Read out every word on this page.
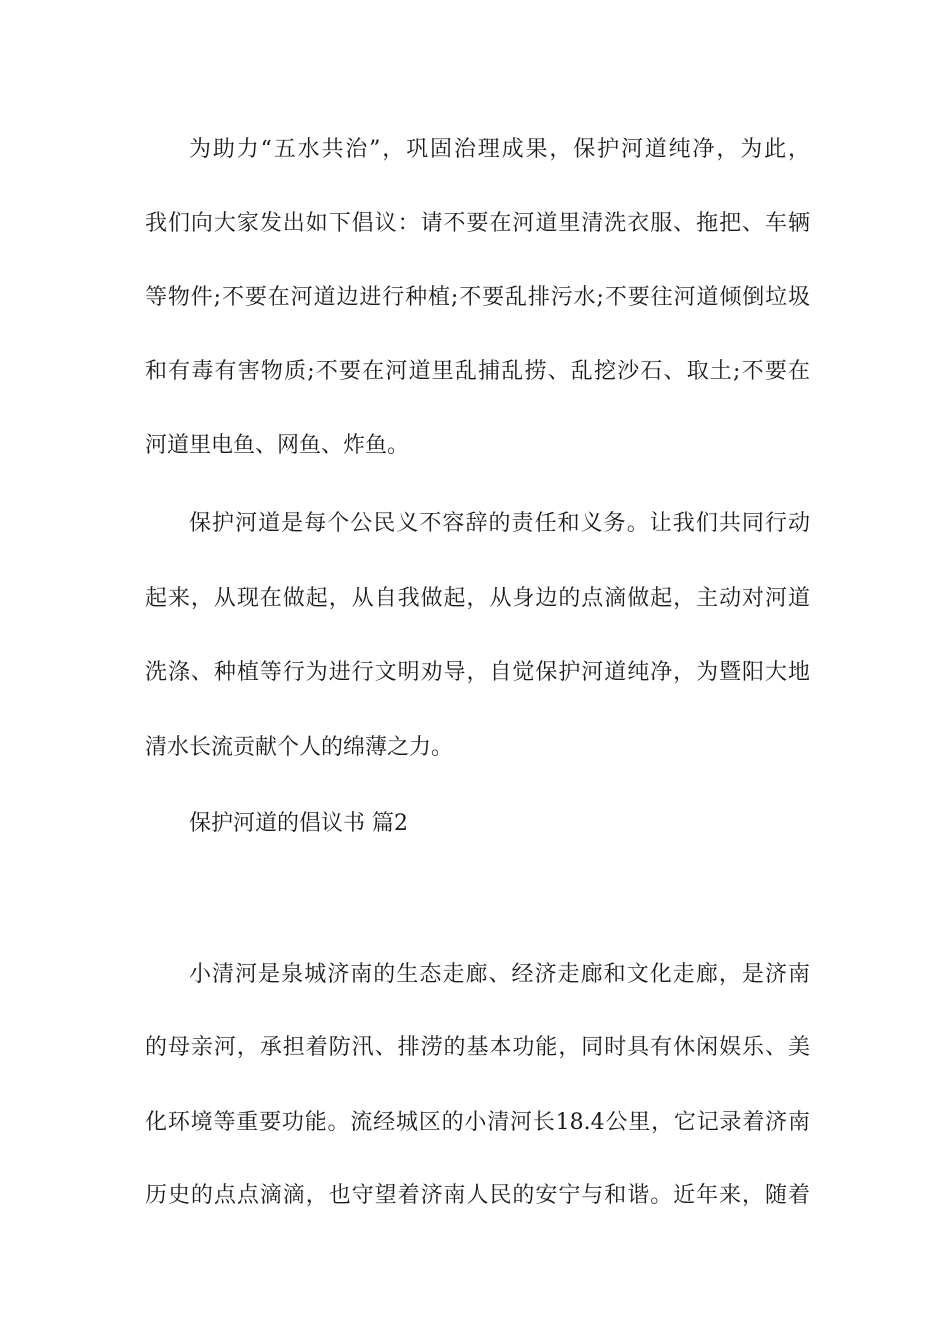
为助力“五水共治”，巩固治理成果，保护河道纯净，为此，
我们向大家发出如下倡议：请不要在河道里清洗衣服、拖把、车辆
等物件;不要在河道边进行种植;不要乱排污水;不要往河道倾倒垃圾
和有毒有害物质;不要在河道里乱捕乱捞、乱挖沙石、取土;不要在
河道里电鱼、网鱼、炸鱼。
保护河道是每个公民义不容辞的责任和义务。让我们共同行动
起来，从现在做起，从自我做起，从身边的点滴做起，主动对河道
洗涤、种植等行为进行文明劝导，自觉保护河道纯净，为暨阳大地
清水长流贡献个人的绵薄之力。
保护河道的倡议书 篇2
小清河是泉城济南的生态走廊、经济走廊和文化走廊，是济南
的母亲河，承担着防汛、排涝的基本功能，同时具有休闲娱乐、美
化环境等重要功能。流经城区的小清河长18.4公里，它记录着济南
历史的点点滴滴，也守望着济南人民的安宁与和谐。近年来，随着
